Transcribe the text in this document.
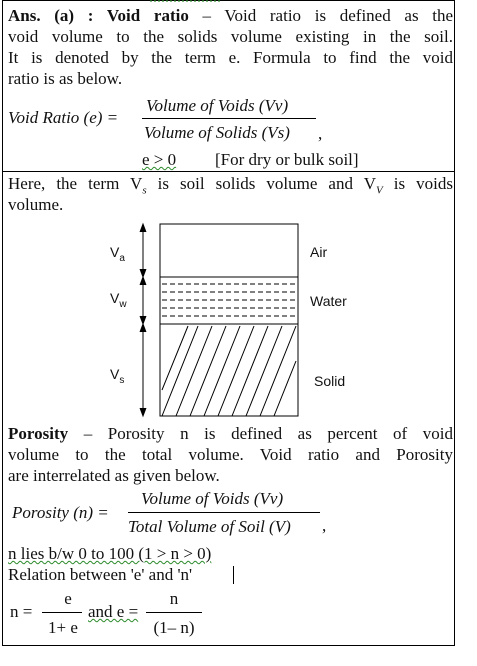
Ans. (a) : Void ratio – Void ratio is defined as the
void volume to the solids volume existing in the soil.
It is denoted by the term e. Formula to find the void
ratio is as below.
Void Ratio (e) =
Volume of Voids (Vv)
Volume of Solids (Vs) ,
e > 0	[For dry or bulk soil]
Here, the term $V_s$ is soil solids volume and $V_V$ is voids
volume.
$V_a$
$V_w$
$V_s$
Air
Water
Solid
Porosity – Porosity n is defined as percent of void
volume to the total volume. Void ratio and Porosity
are interrelated as given below.
Porosity (n) =
Volume of Voids (Vv)
Total Volume of Soil (V) ,
n lies b/w 0 to 100 (1 > n > 0)
Relation between 'e' and 'n'
n =
e
1+ e
and e =
n
(1– n)
